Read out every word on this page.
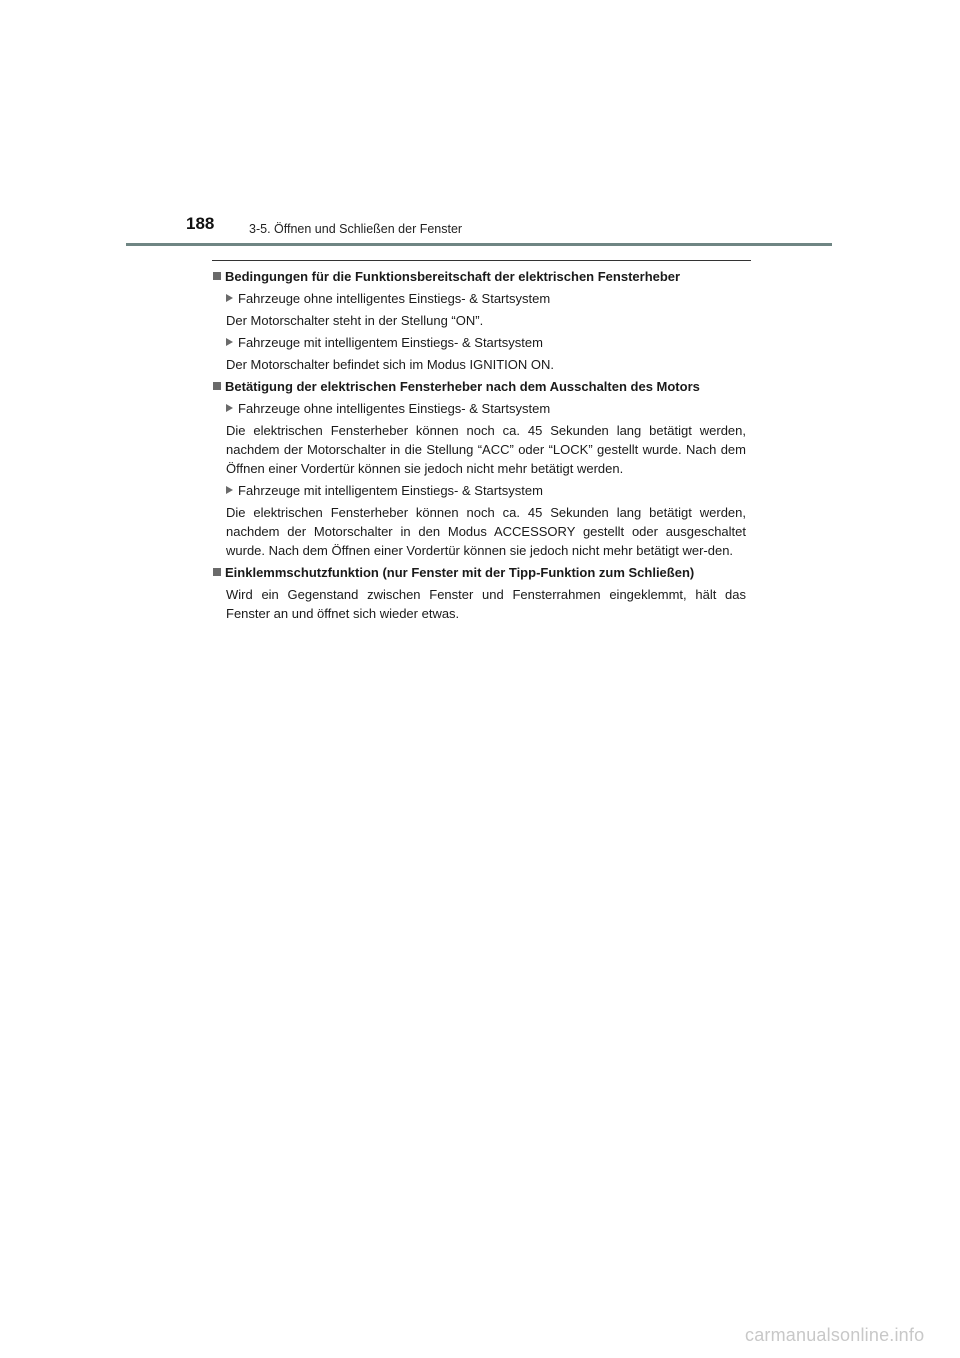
188	3-5. Öffnen und Schließen der Fenster

Bedingungen für die Funktionsbereitschaft der elektrischen Fensterheber

Fahrzeuge ohne intelligentes Einstiegs- & Startsystem

Der Motorschalter steht in der Stellung “ON”.

Fahrzeuge mit intelligentem Einstiegs- & Startsystem

Der Motorschalter befindet sich im Modus IGNITION ON.

Betätigung der elektrischen Fensterheber nach dem Ausschalten des Motors

Fahrzeuge ohne intelligentes Einstiegs- & Startsystem

Die elektrischen Fensterheber können noch ca. 45 Sekunden lang betätigt werden, nachdem der Motorschalter in die Stellung “ACC” oder “LOCK” gestellt wurde. Nach dem Öffnen einer Vordertür können sie jedoch nicht mehr betätigt werden.

Fahrzeuge mit intelligentem Einstiegs- & Startsystem

Die elektrischen Fensterheber können noch ca. 45 Sekunden lang betätigt werden, nachdem der Motorschalter in den Modus ACCESSORY gestellt oder ausgeschaltet wurde. Nach dem Öffnen einer Vordertür können sie jedoch nicht mehr betätigt wer-den.

Einklemmschutzfunktion (nur Fenster mit der Tipp-Funktion zum Schließen)

Wird ein Gegenstand zwischen Fenster und Fensterrahmen eingeklemmt, hält das Fenster an und öffnet sich wieder etwas.

carmanualsonline.info
